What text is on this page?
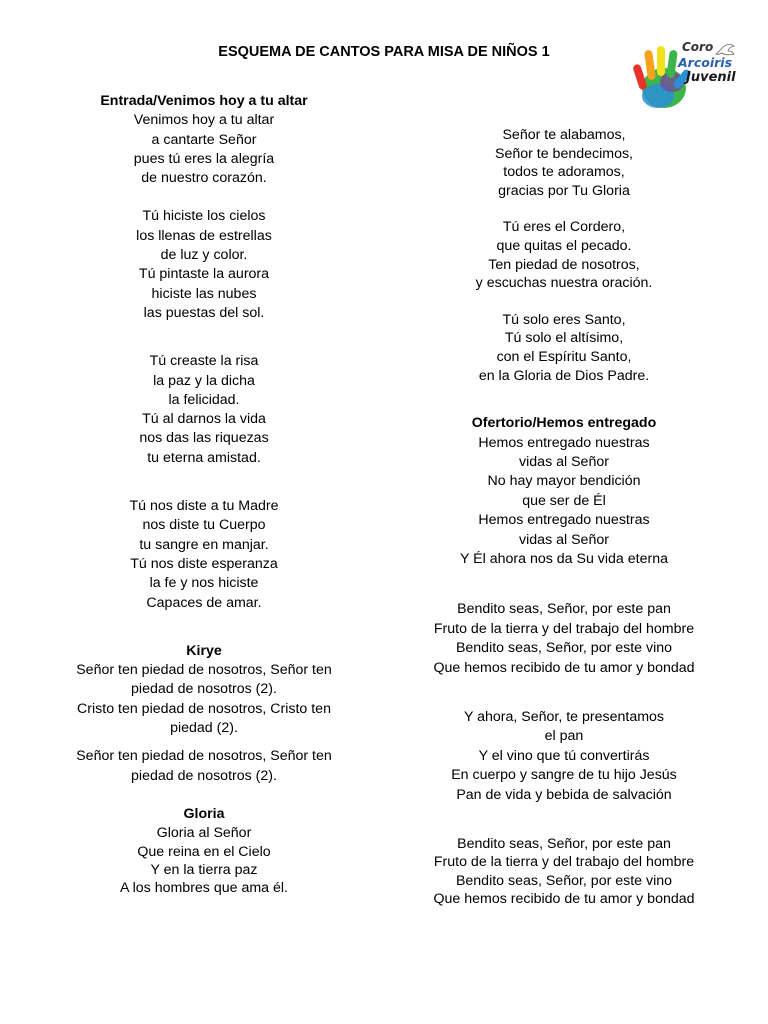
ESQUEMA DE CANTOS PARA MISA DE NIÑOS 1	Coro
Arcoiris
Juvenil
Entrada/Venimos hoy a tu altar
Venimos hoy a tu altar
a cantarte Señor
pues tú eres la alegría
de nuestro corazón.
Tú hiciste los cielos
los llenas de estrellas
de luz y color.
Tú pintaste la aurora
hiciste las nubes
las puestas del sol.
Tú creaste la risa
la paz y la dicha
la felicidad.
Tú al darnos la vida
nos das las riquezas
tu eterna amistad.
Tú nos diste a tu Madre
nos diste tu Cuerpo
tu sangre en manjar.
Tú nos diste esperanza
la fe y nos hiciste
Capaces de amar.
Kirye
Señor ten piedad de nosotros, Señor ten piedad de nosotros (2).
Cristo ten piedad de nosotros, Cristo ten piedad (2).
Señor ten piedad de nosotros, Señor ten piedad de nosotros (2).
Gloria
Gloria al Señor
Que reina en el Cielo
Y en la tierra paz
A los hombres que ama él.
Señor te alabamos,
Señor te bendecimos,
todos te adoramos,
gracias por Tu Gloria
Tú eres el Cordero,
que quitas el pecado.
Ten piedad de nosotros,
y escuchas nuestra oración.
Tú solo eres Santo,
Tú solo el altísimo,
con el Espíritu Santo,
en la Gloria de Dios Padre.
Ofertorio/Hemos entregado
Hemos entregado nuestras
vidas al Señor
No hay mayor bendición
que ser de Él
Hemos entregado nuestras
vidas al Señor
Y Él ahora nos da Su vida eterna
Bendito seas, Señor, por este pan
Fruto de la tierra y del trabajo del hombre
Bendito seas, Señor, por este vino
Que hemos recibido de tu amor y bondad
Y ahora, Señor, te presentamos
el pan
Y el vino que tú convertirás
En cuerpo y sangre de tu hijo Jesús
Pan de vida y bebida de salvación
Bendito seas, Señor, por este pan
Fruto de la tierra y del trabajo del hombre
Bendito seas, Señor, por este vino
Que hemos recibido de tu amor y bondad
